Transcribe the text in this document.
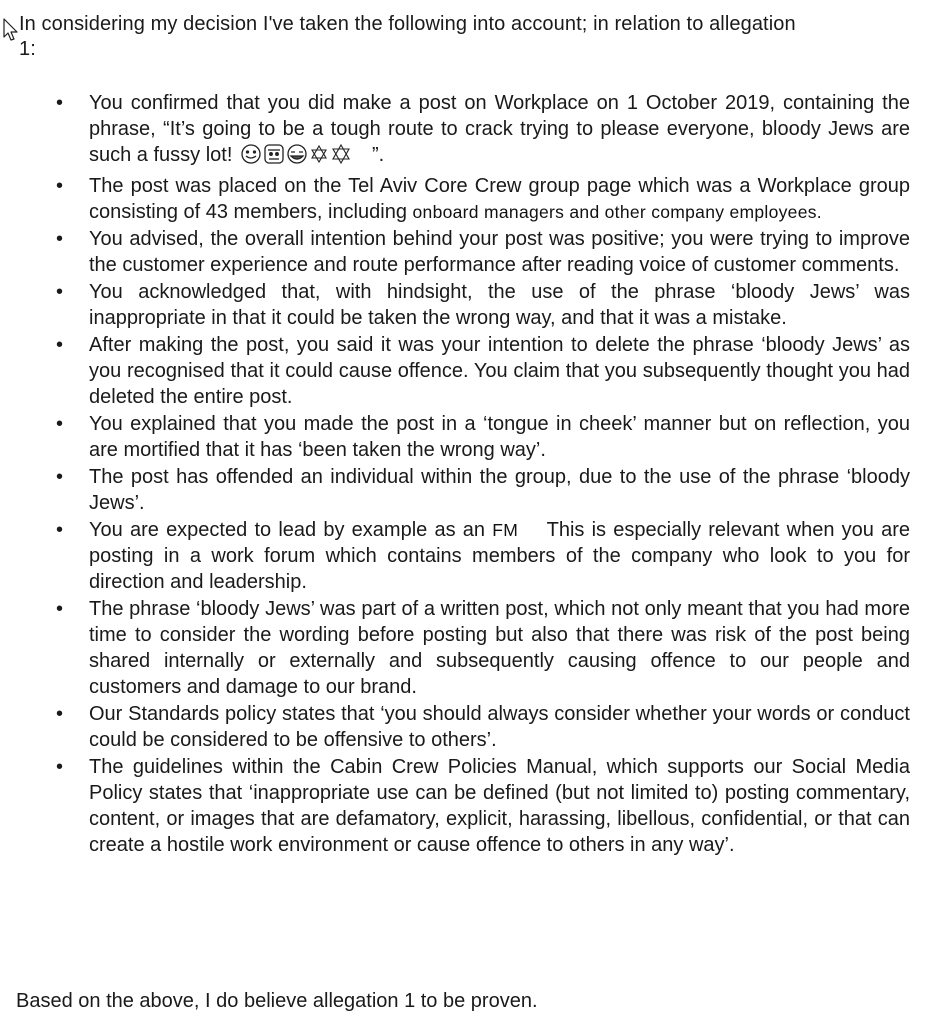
In considering my decision I've taken the following into account; in relation to allegation
1:
• You confirmed that you did make a post on Workplace on 1 October 2019, containing the phrase, “It’s going to be a tough route to crack trying to please everyone, bloody Jews are such a fussy lot!	”.
• The post was placed on the Tel Aviv Core Crew group page which was a Workplace group consisting of 43 members, including onboard managers and other company employees.
• You advised, the overall intention behind your post was positive; you were trying to improve the customer experience and route performance after reading voice of customer comments.
• You acknowledged that, with hindsight, the use of the phrase ‘bloody Jews’ was inappropriate in that it could be taken the wrong way, and that it was a mistake.
• After making the post, you said it was your intention to delete the phrase ‘bloody Jews’ as you recognised that it could cause offence. You claim that you subsequently thought you had deleted the entire post.
• You explained that you made the post in a ‘tongue in cheek’ manner but on reflection, you are mortified that it has ‘been taken the wrong way’.
• The post has offended an individual within the group, due to the use of the phrase ‘bloody Jews’.
• You are expected to lead by example as an FM This is especially relevant when you are posting in a work forum which contains members of the company who look to you for direction and leadership.
• The phrase ‘bloody Jews’ was part of a written post, which not only meant that you had more time to consider the wording before posting but also that there was risk of the post being shared internally or externally and subsequently causing offence to our people and customers and damage to our brand.
• Our Standards policy states that ‘you should always consider whether your words or conduct could be considered to be offensive to others’.
• The guidelines within the Cabin Crew Policies Manual, which supports our Social Media Policy states that ‘inappropriate use can be defined (but not limited to) posting commentary, content, or images that are defamatory, explicit, harassing, libellous, confidential, or that can create a hostile work environment or cause offence to others in any way’.
Based on the above, I do believe allegation 1 to be proven.
